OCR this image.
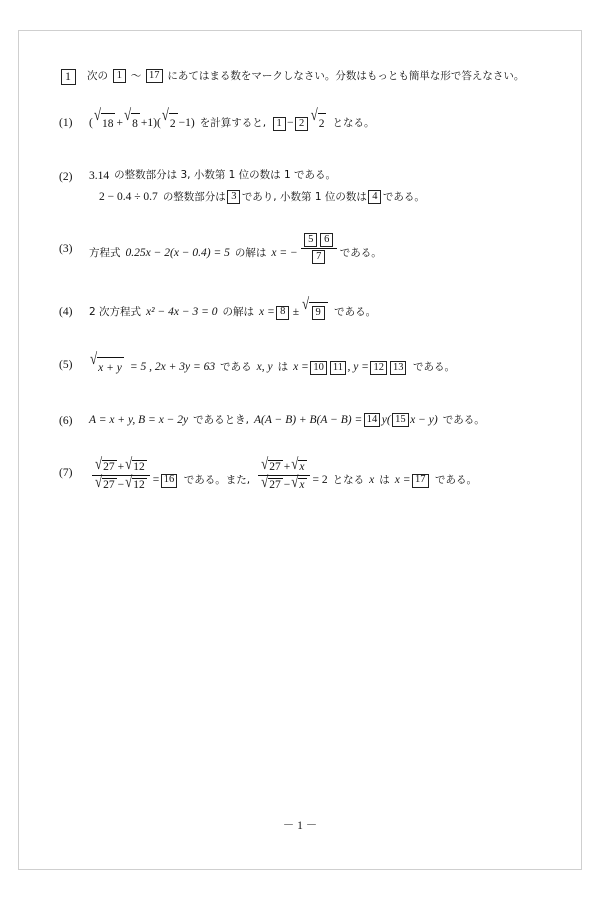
1	次の 1 〜 17 にあてはまる数をマークしなさい。分数はもっとも簡単な形で答えなさい。
(1)	( √
18 + √
8 +1)( √
2 −1) を計算すると, 1 − 2 √
2 となる。
(2)	3.14 の整数部分は 3, 小数第 1 位の数は 1 である。

2 − 0.4 ÷ 0.7 の整数部分は 3 であり, 小数第 1 位の数は 4 である。
(3)	方程式 0.25x − 2(x − 0.4) = 5 の解は x = − $\frac{5 6}{7}$ である。
(4)	2 次方程式 x² − 4x − 3 = 0 の解は x = 8 ± √ 9	である。
(5)	√
x + y = 5 , 2x + 3y = 63 である x, y は x = 10 11 , y = 12 13 である。
(6)	A = x + y, B = x − 2y であるとき, A(A − B) + B(A − B) = 14 y( 15 x − y) である。
(7)	$\frac{√ 27 + √ 12}{√ 27 - √ 12} = 16$ である。また, $\frac{√ 27 + √ x}{√ 27 - √ x} = 2$ となる x は x = 17 である。
－ 1 －
